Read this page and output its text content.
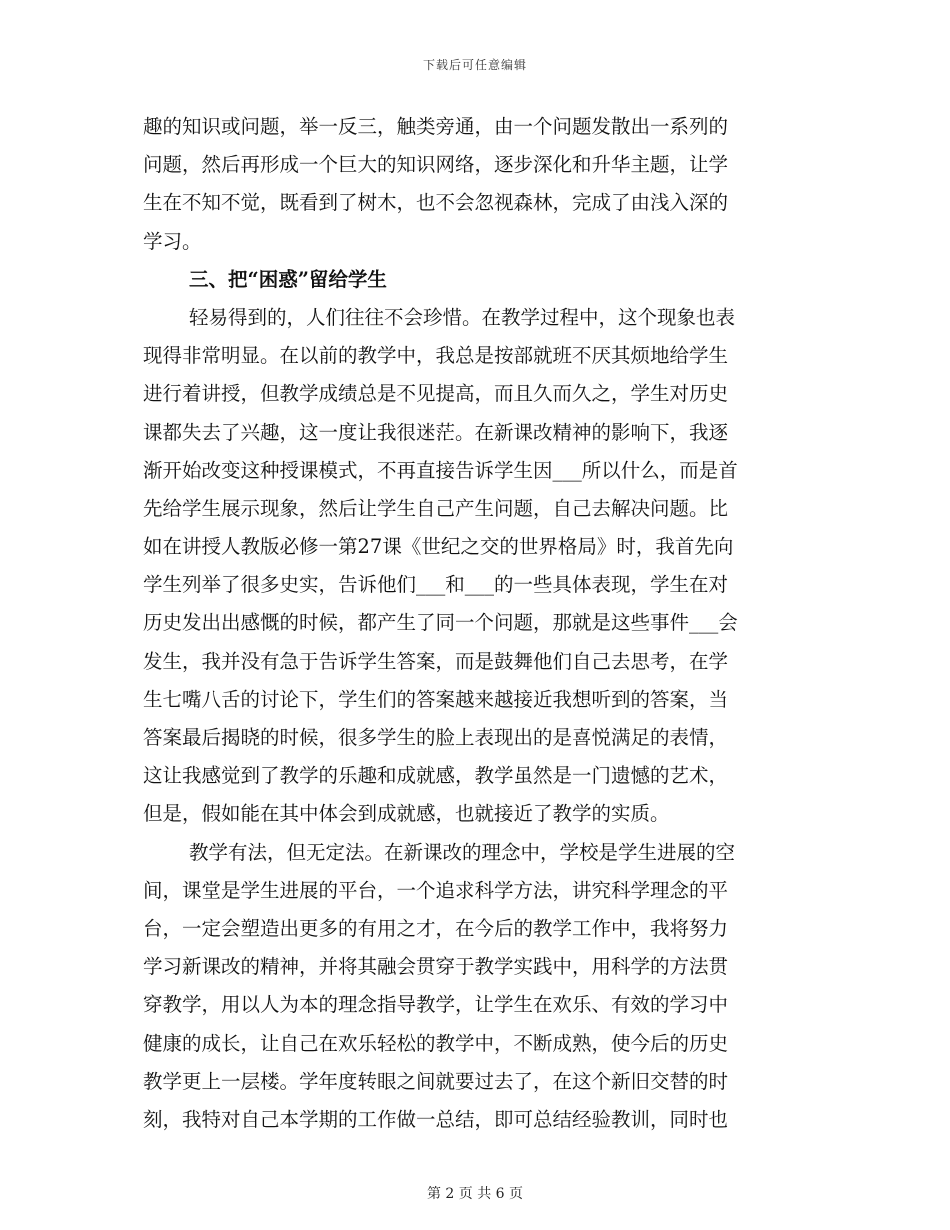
下载后可任意编辑
趣的知识或问题，举一反三，触类旁通，由一个问题发散出一系列的
问题，然后再形成一个巨大的知识网络，逐步深化和升华主题，让学
生在不知不觉，既看到了树木，也不会忽视森林，完成了由浅入深的
学习。
三、把“困惑”留给学生
轻易得到的，人们往往不会珍惜。在教学过程中，这个现象也表
现得非常明显。在以前的教学中，我总是按部就班不厌其烦地给学生
进行着讲授，但教学成绩总是不见提高，而且久而久之，学生对历史
课都失去了兴趣，这一度让我很迷茫。在新课改精神的影响下，我逐
渐开始改变这种授课模式，不再直接告诉学生因___所以什么，而是首
先给学生展示现象，然后让学生自己产生问题，自己去解决问题。比
如在讲授人教版必修一第27课《世纪之交的世界格局》时，我首先向
学生列举了很多史实，告诉他们___和___的一些具体表现，学生在对
历史发出出感慨的时候，都产生了同一个问题，那就是这些事件___会
发生，我并没有急于告诉学生答案，而是鼓舞他们自己去思考，在学
生七嘴八舌的讨论下，学生们的答案越来越接近我想听到的答案，当
答案最后揭晓的时候，很多学生的脸上表现出的是喜悦满足的表情，
这让我感觉到了教学的乐趣和成就感，教学虽然是一门遗憾的艺术，
但是，假如能在其中体会到成就感，也就接近了教学的实质。
教学有法，但无定法。在新课改的理念中，学校是学生进展的空
间，课堂是学生进展的平台，一个追求科学方法，讲究科学理念的平
台，一定会塑造出更多的有用之才，在今后的教学工作中，我将努力
学习新课改的精神，并将其融会贯穿于教学实践中，用科学的方法贯
穿教学，用以人为本的理念指导教学，让学生在欢乐、有效的学习中
健康的成长，让自己在欢乐轻松的教学中，不断成熟，使今后的历史
教学更上一层楼。学年度转眼之间就要过去了，在这个新旧交替的时
刻，我特对自己本学期的工作做一总结，即可总结经验教训，同时也
第 2 页 共 6 页
